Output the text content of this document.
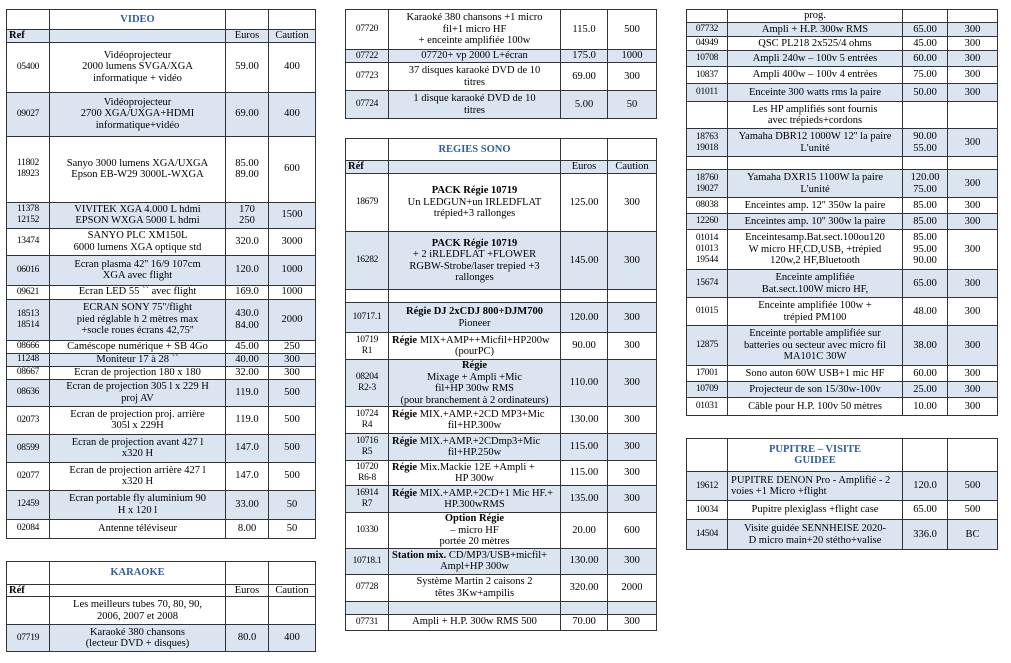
	VIDEO		
Ref		Euros	Caution

05400	Vidéoprojecteur
2000 lumens SVGA/XGA
informatique + vidéo	59.00	400

09027	Vidéoprojecteur
2700 XGA/UXGA+HDMI
informatique+vidéo	69.00	400

11802
18923	Sanyo 3000 lumens XGA/UXGA
Epson EB-W29 3000L-WXGA	85.00
89.00	600

11378
12152	VIVITEK XGA 4.000 L hdmi
EPSON WXGA 5000 L hdmi	170
250	1500

13474	SANYO PLC XM150L
6000 lumens XGA optique std	320.0	3000

06016	Ecran plasma 42'' 16/9 107cm
XGA avec flight	120.0	1000

09621	Ecran LED 55 `` avec flight	169.0	1000

18513
18514	ECRAN SONY 75''/flight
pied réglable h 2 mètres max
+socle roues écrans 42,75''	430.0
84.00	2000

08666	Caméscope numérique + SB 4Go	45.00	250

11248	Moniteur 17 à 28 ``	40.00	300

08667	Ecran de projection 180 x 180	32.00	300

08636	Ecran de projection 305 l x 229 H
proj AV	119.0	500

02073	Ecran de projection proj. arrière
305l x 229H	119.0	500

08599	Ecran de projection avant 427 l
x320 H	147.0	500

02077	Ecran de projection arrière 427 l
x320 H	147.0	500

12459	Ecran portable fly aluminium 90
H x 120 l	33.00	50

02084	Antenne téléviseur	8.00	50
	KARAOKE		
Réf		Euros	Caution

	Les meilleurs tubes 70, 80, 90,
2006, 2007 et 2008		

07719	Karaoké 380 chansons
(lecteur DVD + disques)	80.0	400
07720	Karaoké 380 chansons +1 micro
fil+1 micro HF
+ enceinte amplifiée 100w	115.0	500

07722	07720+ vp 2000 L+écran	175.0	1000

07723	37 disques karaoké DVD de 10
titres	69.00	300

07724	1 disque karaoké DVD de 10
titres	5.00	50
	REGIES SONO		
Réf		Euros	Caution

18679	PACK Régie 10719
Un LEDGUN+un IRLEDFLAT
trépied+3 rallonges	125.00	300

16282	PACK Régie 10719
+ 2 iRLEDFLAT +FLOWER
RGBW-Strobe/laser trepied +3
rallonges	145.00	300

10717.1	Régie DJ 2xCDJ 800+DJM700
Pioneer	120.00	300

10719
R1	Régie MIX+AMP++Micfil+HP200w
(pourPC)	90.00	300

08204
R2-3	Régie
Mixage + Ampli +Mic
fil+HP 300w RMS
(pour branchement à 2 ordinateurs)	110.00	300

10724
R4	Régie MIX.+AMP.+2CD MP3+Mic
fil+HP.300w	130.00	300

10716
R5	Régie MIX.+AMP.+2CDmp3+Mic
fil+HP.250w	115.00	300

10720
R6-8	Régie Mix.Mackie 12E +Ampli +
HP 300w	115.00	300

16914
R7	Régie MIX.+AMP.+2CD+1 Mic HF.+
HP.300wRMS	135.00	300

10330	Option Régie
– micro HF
portée 20 mètres	20.00	600

10718.1	Station mix. CD/MP3/USB+micfil+
Ampl+HP 300w	130.00	300

07728	Système Martin 2 caisons 2
têtes 3Kw+ampilis	320.00	2000

07731	Ampli + H.P. 300w RMS 500	70.00	300

	prog.		

07732	Ampli + H.P. 300w RMS	65.00	300

04949	QSC PL218 2x525/4 ohms	45.00	300

10708	Ampli 240w – 100v 5 entrées	60.00	300

10837	Ampli 400w – 100v 4 entrées	75.00	300

01011	Enceinte 300 watts rms la paire	50.00	300

	Les HP amplifiés sont fournis
avec trépieds+cordons		

18763
19018	Yamaha DBR12 1000W 12'' la paire
L'unité	90.00
55.00	300

18760
19027	Yamaha DXR15 1100W la paire
L'unité	120.00
75.00	300

08038	Enceintes amp. 12'' 350w la paire	85.00	300

12260	Enceintes amp. 10'' 300w la paire	85.00	300

01014
01013
19544	Enceintesamp.Bat.sect.100ou120
W micro HF,CD,USB, +trépied
120w,2 HF,Bluetooth	85.00
95.00
90.00	300

15674	Enceinte amplifiée
Bat.sect.100W micro HF,	65.00	300

01015	Enceinte amplifiée 100w +
trépied PM100	48.00	300

12875	Enceinte portable amplifiée sur
batteries ou secteur avec micro fil
MA101C 30W	38.00	300

17001	Sono auton 60W USB+1 mic HF	60.00	300

10709	Projecteur de son 15/30w-100v	25.00	300

01031	Câble pour H.P. 100v 50 mètres	10.00	300

	PUPITRE – VISITE
GUIDEE		

19612	PUPITRE DENON Pro - Amplifié - 2
voies +1 Micro +flight	120.0	500

10034	Pupitre plexiglass +flight case	65.00	500

14504	Visite guidée SENNHEISE 2020-
D micro main+20 stétho+valise	336.0	BC
